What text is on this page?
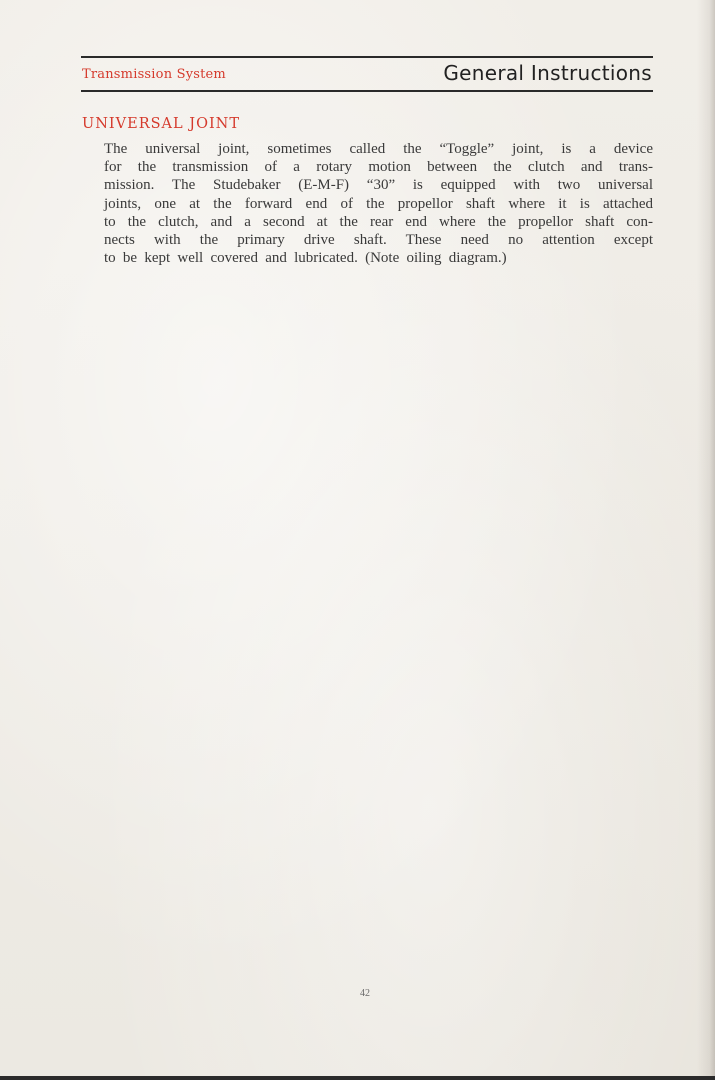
Transmission System	General Instructions
UNIVERSAL JOINT

The universal joint, sometimes called the “Toggle” joint, is a device
for the transmission of a rotary motion between the clutch and trans-
mission. The Studebaker (E-M-F) “30” is equipped with two universal
joints, one at the forward end of the propellor shaft where it is attached
to the clutch, and a second at the rear end where the propellor shaft con-
nects with the primary drive shaft. These need no attention except
to be kept well covered and lubricated. (Note oiling diagram.)

42
